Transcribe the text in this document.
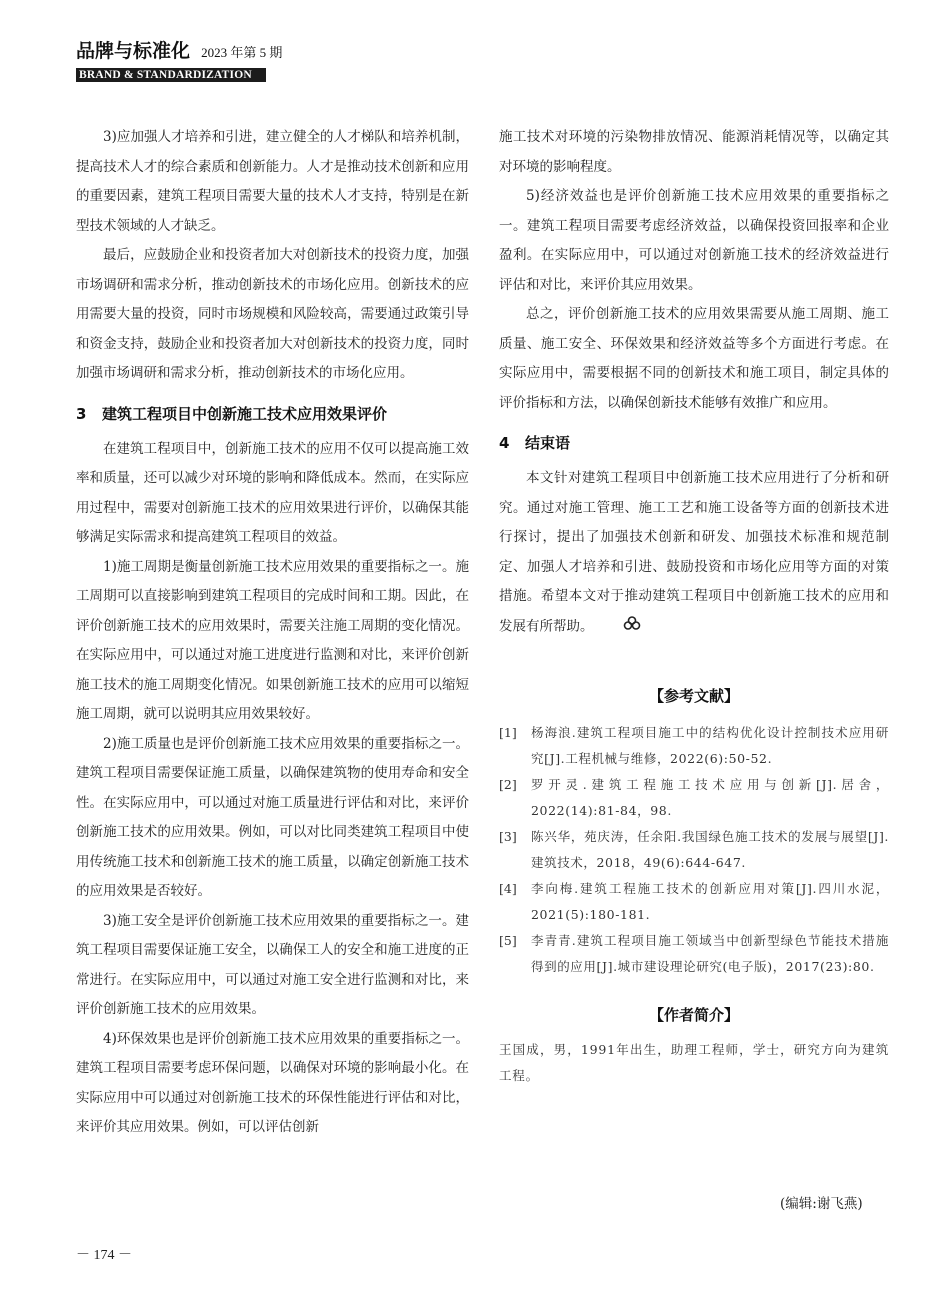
品牌与标准化 2023 年第 5 期
BRAND & STANDARDIZATION

3)应加强人才培养和引进，建立健全的人才梯队和培养机制，提高技术人才的综合素质和创新能力。人才是推动技术创新和应用的重要因素，建筑工程项目需要大量的技术人才支持，特别是在新型技术领域的人才缺乏。

最后，应鼓励企业和投资者加大对创新技术的投资力度，加强市场调研和需求分析，推动创新技术的市场化应用。创新技术的应用需要大量的投资，同时市场规模和风险较高，需要通过政策引导和资金支持，鼓励企业和投资者加大对创新技术的投资力度，同时加强市场调研和需求分析，推动创新技术的市场化应用。

3 建筑工程项目中创新施工技术应用效果评价

在建筑工程项目中，创新施工技术的应用不仅可以提高施工效率和质量，还可以减少对环境的影响和降低成本。然而，在实际应用过程中，需要对创新施工技术的应用效果进行评价，以确保其能够满足实际需求和提高建筑工程项目的效益。

1)施工周期是衡量创新施工技术应用效果的重要指标之一。施工周期可以直接影响到建筑工程项目的完成时间和工期。因此，在评价创新施工技术的应用效果时，需要关注施工周期的变化情况。在实际应用中，可以通过对施工进度进行监测和对比，来评价创新施工技术的施工周期变化情况。如果创新施工技术的应用可以缩短施工周期，就可以说明其应用效果较好。

2)施工质量也是评价创新施工技术应用效果的重要指标之一。建筑工程项目需要保证施工质量，以确保建筑物的使用寿命和安全性。在实际应用中，可以通过对施工质量进行评估和对比，来评价创新施工技术的应用效果。例如，可以对比同类建筑工程项目中使用传统施工技术和创新施工技术的施工质量，以确定创新施工技术的应用效果是否较好。

3)施工安全是评价创新施工技术应用效果的重要指标之一。建筑工程项目需要保证施工安全，以确保工人的安全和施工进度的正常进行。在实际应用中，可以通过对施工安全进行监测和对比，来评价创新施工技术的应用效果。

4)环保效果也是评价创新施工技术应用效果的重要指标之一。建筑工程项目需要考虑环保问题，以确保对环境的影响最小化。在实际应用中可以通过对创新施工技术的环保性能进行评估和对比，来评价其应用效果。例如，可以评估创新

施工技术对环境的污染物排放情况、能源消耗情况等，以确定其对环境的影响程度。

5)经济效益也是评价创新施工技术应用效果的重要指标之一。建筑工程项目需要考虑经济效益，以确保投资回报率和企业盈利。在实际应用中，可以通过对创新施工技术的经济效益进行评估和对比，来评价其应用效果。

总之，评价创新施工技术的应用效果需要从施工周期、施工质量、施工安全、环保效果和经济效益等多个方面进行考虑。在实际应用中，需要根据不同的创新技术和施工项目，制定具体的评价指标和方法，以确保创新技术能够有效推广和应用。

4 结束语

本文针对建筑工程项目中创新施工技术应用进行了分析和研究。通过对施工管理、施工工艺和施工设备等方面的创新技术进行探讨，提出了加强技术创新和研发、加强技术标准和规范制定、加强人才培养和引进、鼓励投资和市场化应用等方面的对策措施。希望本文对于推动建筑工程项目中创新施工技术的应用和发展有所帮助。

【参考文献】
[1]	杨海浪.建筑工程项目施工中的结构优化设计控制技术应用研究[J].工程机械与维修，2022(6):50-52.
[2]	罗开灵.建筑工程施工技术应用与创新[J].居舍，2022(14):81-84，98.
[3]	陈兴华，苑庆涛，任余阳.我国绿色施工技术的发展与展望[J].建筑技术，2018，49(6):644-647.
[4]	李向梅.建筑工程施工技术的创新应用对策[J].四川水泥，2021(5):180-181.
[5]	李青青.建筑工程项目施工领域当中创新型绿色节能技术措施得到的应用[J].城市建设理论研究(电子版)，2017(23):80.
【作者简介】

王国成，男，1991年出生，助理工程师，学士，研究方向为建筑工程。

(编辑:谢飞燕)
－ 174 －
